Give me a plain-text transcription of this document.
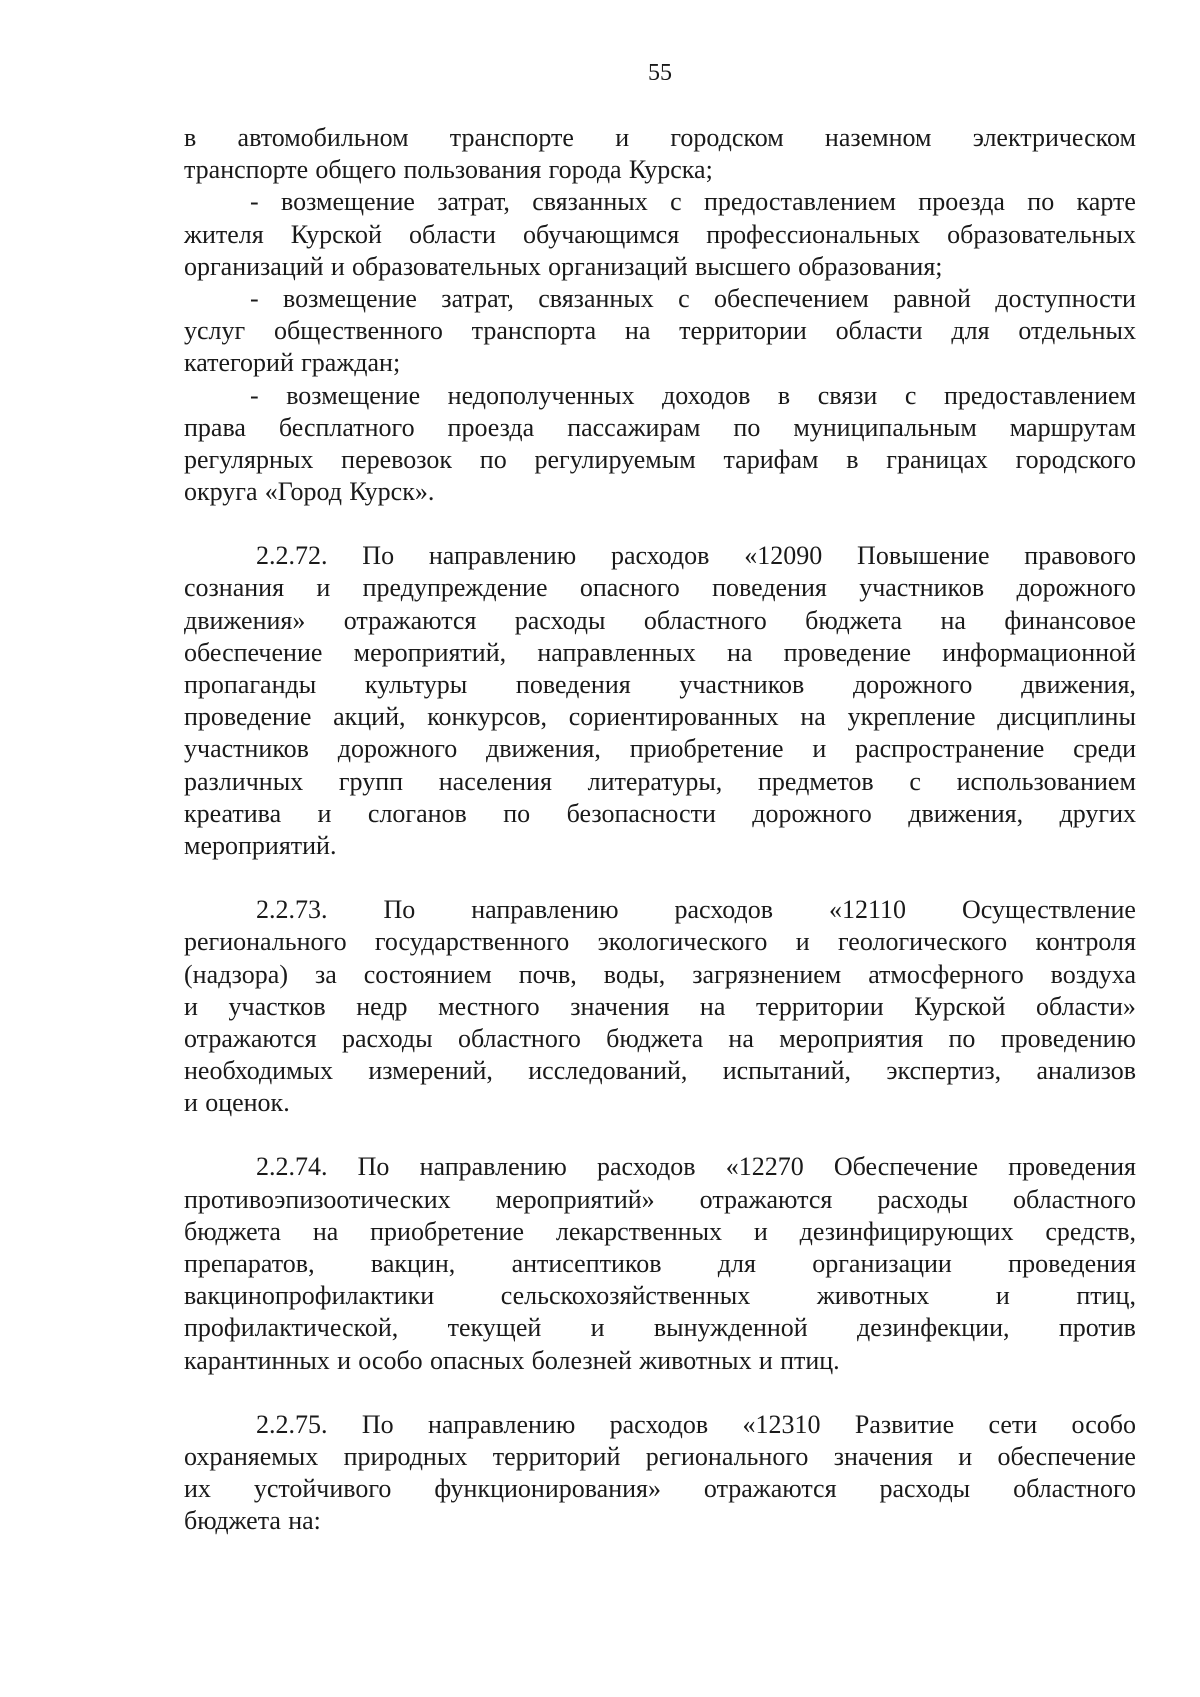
55
в автомобильном транспорте и городском наземном электрическом
транспорте общего пользования города Курска;
- возмещение затрат, связанных с предоставлением проезда по карте
жителя Курской области обучающимся профессиональных образовательных
организаций и образовательных организаций высшего образования;
- возмещение затрат, связанных с обеспечением равной доступности
услуг общественного транспорта на территории области для отдельных
категорий граждан;
- возмещение недополученных доходов в связи с предоставлением
права бесплатного проезда пассажирам по муниципальным маршрутам
регулярных перевозок по регулируемым тарифам в границах городского
округа «Город Курск».
2.2.72. По направлению расходов «12090 Повышение правового
сознания и предупреждение опасного поведения участников дорожного
движения» отражаются расходы областного бюджета на финансовое
обеспечение мероприятий, направленных на проведение информационной
пропаганды культуры поведения участников дорожного движения,
проведение акций, конкурсов, сориентированных на укрепление дисциплины
участников дорожного движения, приобретение и распространение среди
различных групп населения литературы, предметов с использованием
креатива и слоганов по безопасности дорожного движения, других
мероприятий.
2.2.73. По направлению расходов «12110 Осуществление
регионального государственного экологического и геологического контроля
(надзора) за состоянием почв, воды, загрязнением атмосферного воздуха
и участков недр местного значения на территории Курской области»
отражаются расходы областного бюджета на мероприятия по проведению
необходимых измерений, исследований, испытаний, экспертиз, анализов
и оценок.
2.2.74. По направлению расходов «12270 Обеспечение проведения
противоэпизоотических мероприятий» отражаются расходы областного
бюджета на приобретение лекарственных и дезинфицирующих средств,
препаратов, вакцин, антисептиков для организации проведения
вакцинопрофилактики	сельскохозяйственных	животных	и	птиц,
профилактической, текущей и вынужденной дезинфекции, против
карантинных и особо опасных болезней животных и птиц.
2.2.75. По направлению расходов «12310 Развитие сети особо
охраняемых природных территорий регионального значения и обеспечение
их устойчивого функционирования» отражаются расходы областного
бюджета на:
